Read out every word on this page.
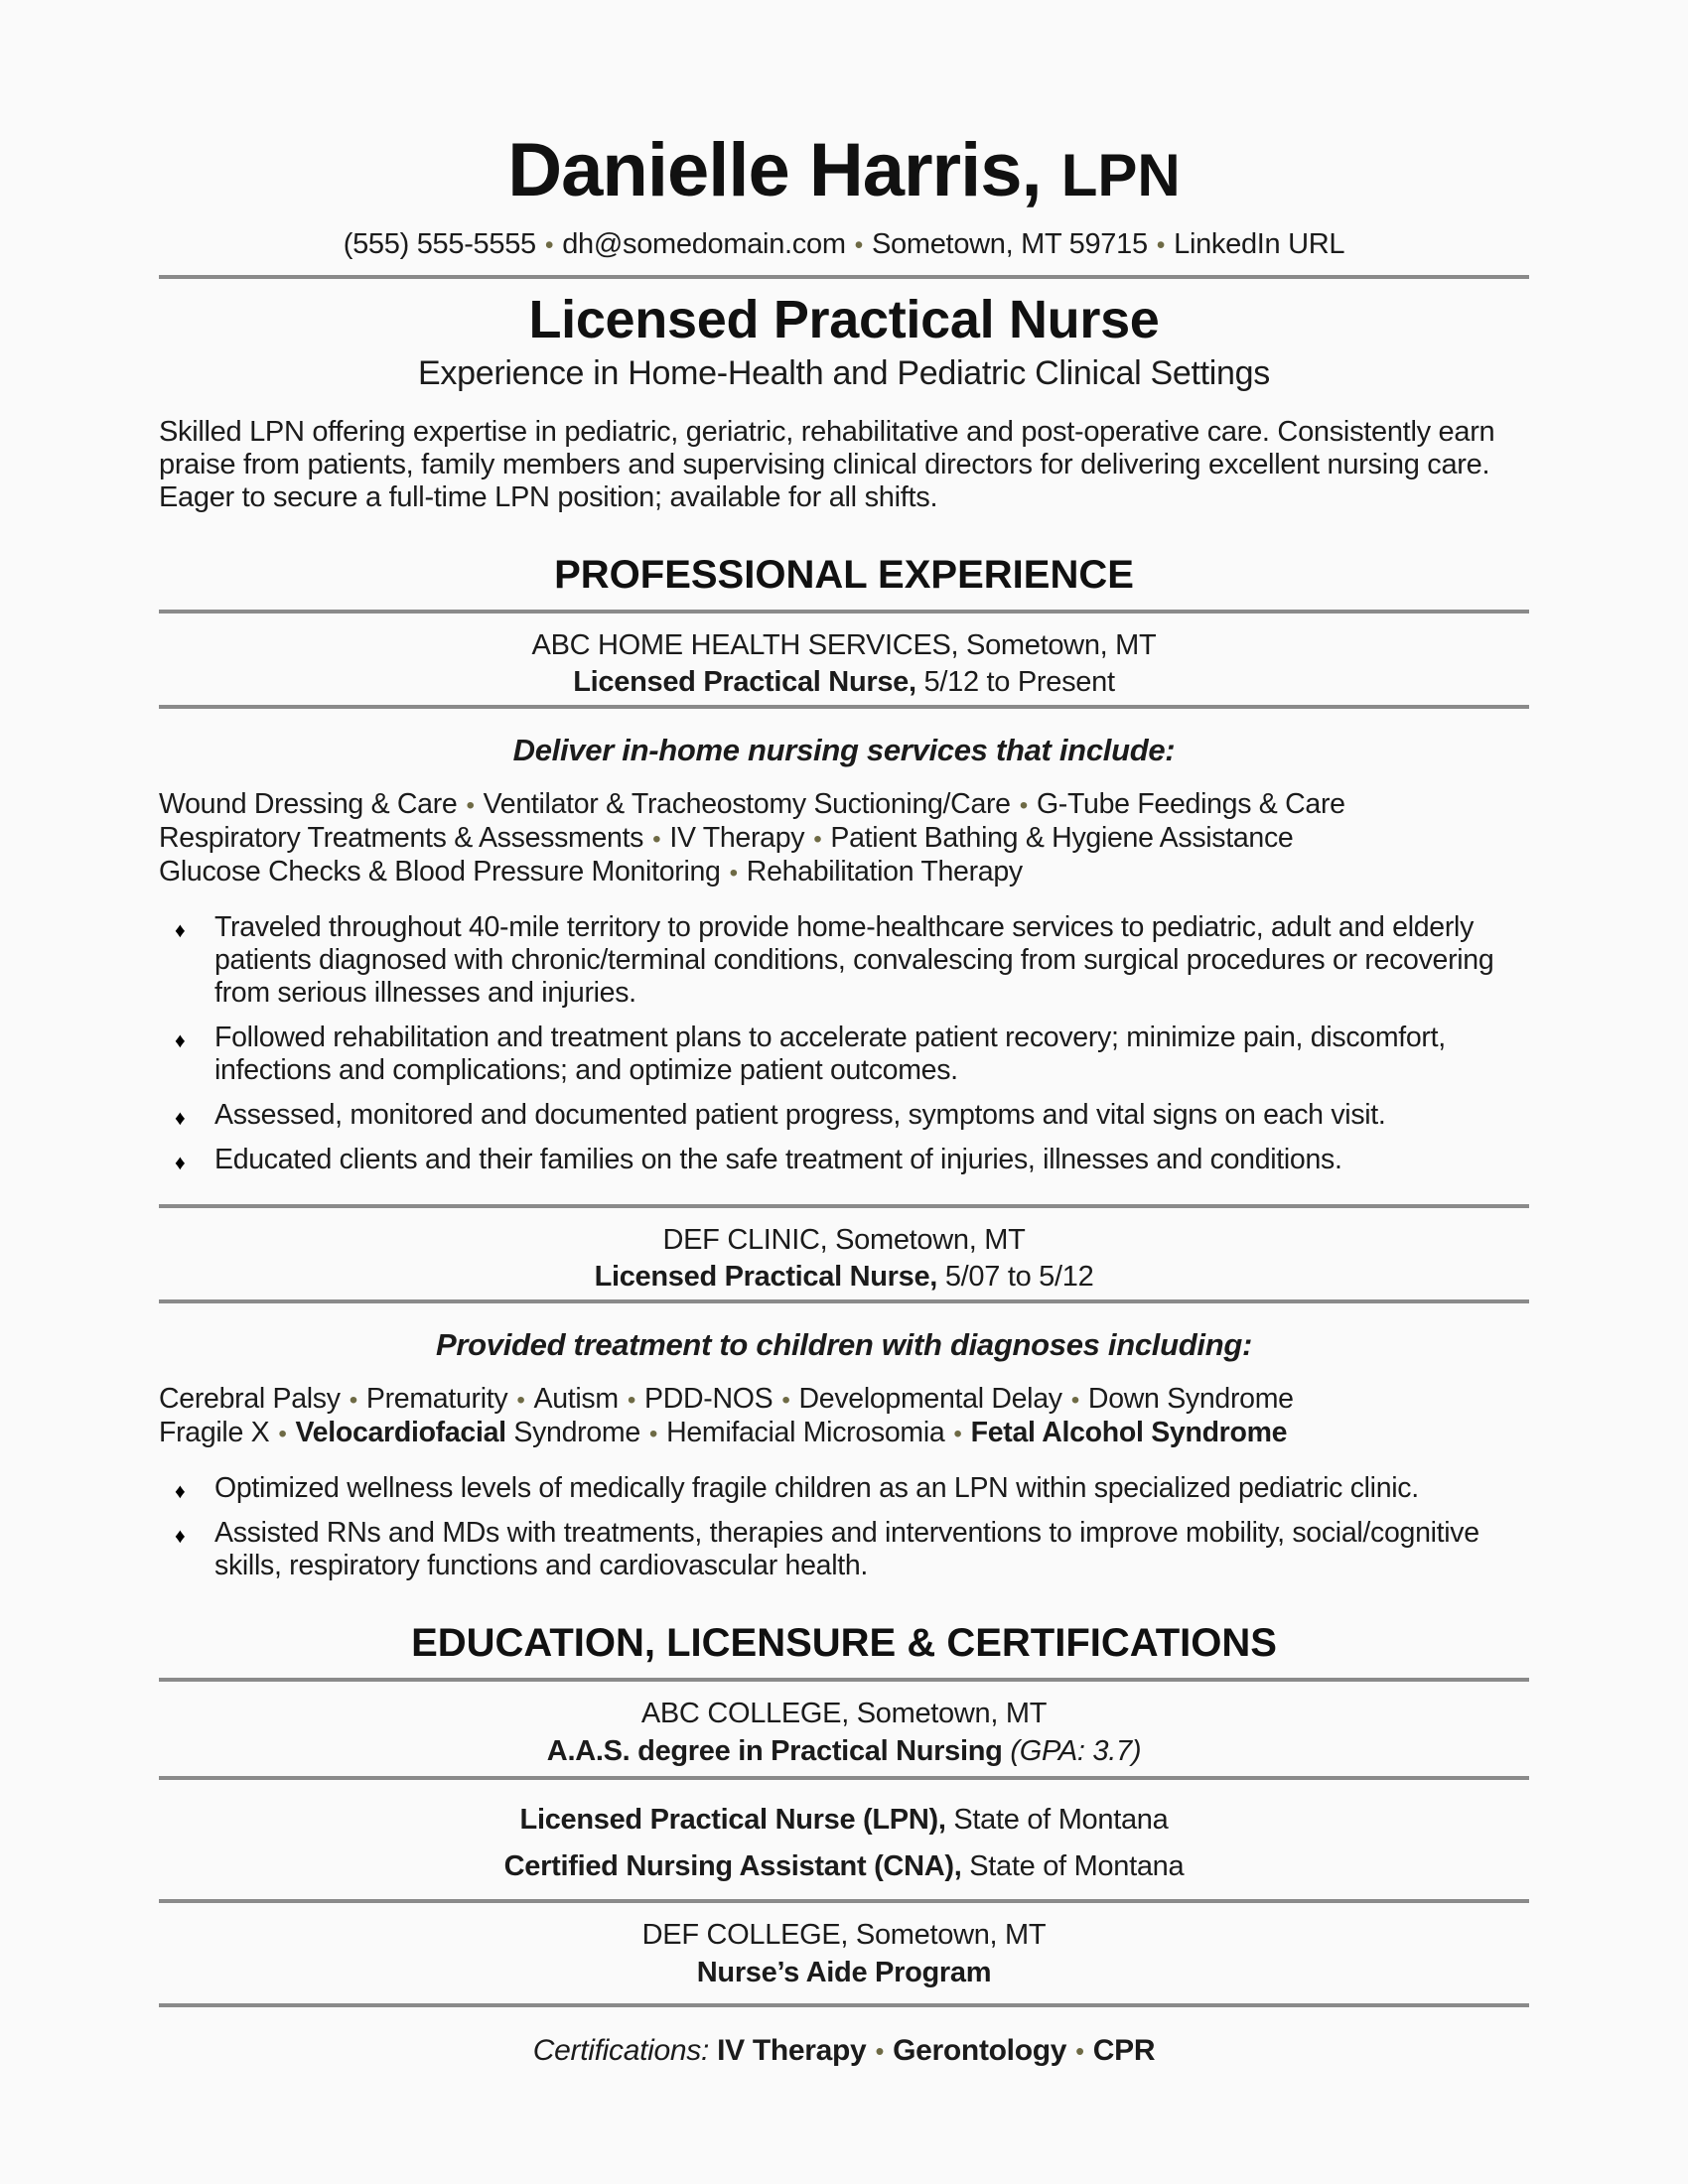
Danielle Harris, LPN
(555) 555-5555 • dh@somedomain.com • Sometown, MT 59715 • LinkedIn URL
Licensed Practical Nurse
Experience in Home-Health and Pediatric Clinical Settings
Skilled LPN offering expertise in pediatric, geriatric, rehabilitative and post-operative care. Consistently earn praise from patients, family members and supervising clinical directors for delivering excellent nursing care. Eager to secure a full-time LPN position; available for all shifts.
PROFESSIONAL EXPERIENCE
ABC HOME HEALTH SERVICES, Sometown, MT
Licensed Practical Nurse, 5/12 to Present
Deliver in-home nursing services that include:
Wound Dressing & Care • Ventilator & Tracheostomy Suctioning/Care • G-Tube Feedings & Care
Respiratory Treatments & Assessments • IV Therapy • Patient Bathing & Hygiene Assistance
Glucose Checks & Blood Pressure Monitoring • Rehabilitation Therapy
♦ Traveled throughout 40-mile territory to provide home-healthcare services to pediatric, adult and elderly patients diagnosed with chronic/terminal conditions, convalescing from surgical procedures or recovering from serious illnesses and injuries.
♦ Followed rehabilitation and treatment plans to accelerate patient recovery; minimize pain, discomfort, infections and complications; and optimize patient outcomes.
♦ Assessed, monitored and documented patient progress, symptoms and vital signs on each visit.
♦ Educated clients and their families on the safe treatment of injuries, illnesses and conditions.
DEF CLINIC, Sometown, MT
Licensed Practical Nurse, 5/07 to 5/12
Provided treatment to children with diagnoses including:
Cerebral Palsy • Prematurity • Autism • PDD-NOS • Developmental Delay • Down Syndrome
Fragile X • Velocardiofacial Syndrome • Hemifacial Microsomia • Fetal Alcohol Syndrome
♦ Optimized wellness levels of medically fragile children as an LPN within specialized pediatric clinic.
♦ Assisted RNs and MDs with treatments, therapies and interventions to improve mobility, social/cognitive skills, respiratory functions and cardiovascular health.
EDUCATION, LICENSURE & CERTIFICATIONS
ABC COLLEGE, Sometown, MT
A.A.S. degree in Practical Nursing (GPA: 3.7)
Licensed Practical Nurse (LPN), State of Montana
Certified Nursing Assistant (CNA), State of Montana
DEF COLLEGE, Sometown, MT
Nurse’s Aide Program
Certifications: IV Therapy • Gerontology • CPR
